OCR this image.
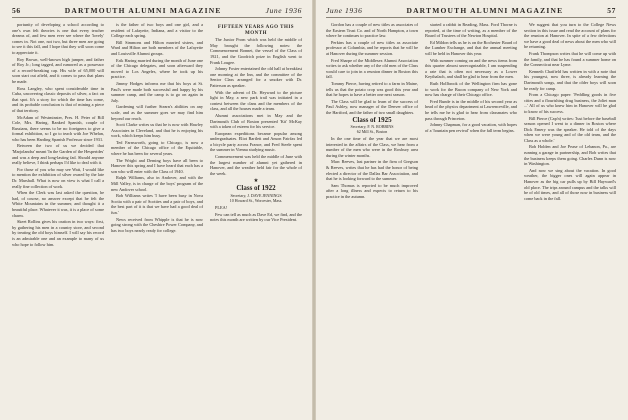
56	DARTMOUTH ALUMNI MAGAZINE	June 1936

portunity of developing a school according to one's own felt theories is one that every teacher dreams of, and few men ever see where the 'lovely' comes in. Not one, not two, but three men are going to see it this fall, and I hope that they will soon come to appreciate it.

Roy Brown, well-known high jumper, and father of Roy Jr.; long tagged, and rumored as a possessor of a record-breaking cap. His wife of 65,000 will soon start out afield, and it comes to pass that plans be made.

Ross Langley, who spent considerable time in Cuba, uncovering classic deposits of silver, a fact on that spot. It's a story for which the time has come, and its probable conclusion is that of mining a piece of that territory.

McAdam of Westminster, Pres. H. Peter of Bill Cole, Mrs. Haring, Ranked Spanish, couple of Russians, there seems to be no foreigners to give a formal exhibition, so I go to teach with Joe Whelan, who has been Harding Spanish Professor since 1931.

Between the two of us we decided that 'Marjolandra' meant 'In the Garden of the Hesperides' and was a deep and long-lasting fad. Should anyone really believe, I think perhaps I'd like to deal with it.

For those of you who may see Watt, I would like to mention the exhibition of silver owned by the late Dr. Marshall. What is now on view is what I call a really fine collection of work.

When the Clerk was last asked the question, he had, of course, no answer except that he felt the White Mountains in the summer, and thought it a beautiful place. Whatever it was, it is a place of some charm.

Skeet Rollins gives his oration in two ways: first, by gathering his men in a country store, and second by treating the old boys himself. I will say his record is an admirable one and an example to many of us who hope to follow him.

is the father of two boys and one girl, and a resident of Lafayette, Indiana, and a visitor to the College each spring.

Bill Simmons and Hilton married sisters, and Ward and Hilton are both members of the Lafayette and Louisville Alumni groups.

Erik Haring married during the month of June one of the Chicago delegates, and soon afterward they moved to Los Angeles, where he took up his practice.

Jimmy Hodges informs me that his boys at St. Paul's were made both successful and happy by his summer camp, and the camp is to go on again in July.

Gardening will further Stearn's abilities on any scale, and as the summer goes we may find him beyond our reach.

Scott Clarke writes us that he is now with Hawley Associates in Cleveland, and that he is enjoying his work, which keeps him busy.

Ted Farnsworth, going to Chicago, is now a member of the Chicago office of the Equitable, where he has been for several years.

The Wright and Deming boys have all been to Hanover this spring and I have heard that each has a son who will enter with the Class of 1940.

Ralph Williams, also in Andover, and with the Mill Valley, is in charge of the boys' program of the new Andover school.

Bob Williams writes 'I have been busy in Nova Scotia with a pair of Scotties and a pair of boys, and the best part of it is that we have had a good deal of fun.'

News received from Whipple is that he is now going strong with the Cheshire Power Company, and has two boys nearly ready for college.

FIFTEEN YEARS AGO THIS MONTH

The Junior Prom which was held the middle of May brought the following notes: the Commencement Bonnet, the vessel of the Class of 1921, and the Goodrich prize in English went to Frank Lougee.

Johnny Foster entertained the old hall at breakfast one morning at the Inn, and the committee of the Senior Class arranged for a smoker with Dr. Patterson as speaker.

With the advent of Dr. Heyward to the picture light in May, a new park trail was initiated in a contest between the clans and the members of the class, and all the houses made a team.

Alumni associations met in May and the Dartmouth Club of Boston presented 'Kit' McKay with a token of esteem for his service.

European expeditions became popular among undergraduates. Eliot Bartlett and Anson Fairfax led a bicycle party across France, and Fred Steele spent the summer in Vienna studying music.

Commencement was held the middle of June with the largest number of alumni yet gathered in Hanover, and the weather held fair for the whole of the week.

★
Class of 1922
Secretary, J. DAVE JENNINGS
10 Howard St., Worcester, Mass.

PLEA!

Few can tell as much as Dave Ed, we find, and the notes this month are written by our Vice President.

June 1936	DARTMOUTH ALUMNI MAGAZINE	57

Gordon has a couple of new titles as associates of the Eastern Trust Co. and of North Hampton, a town where he continues to practice law.

Perkins has a couple of new titles as associate professor at Columbia, and he reports that he will be at Hanover during the summer session.

Fred Sharpe of the Middlesex Alumni Association writes to ask whether any of the old men of the Class would care to join in a reunion dinner in Boston this fall.

Tommy Pierce, having retired to a farm in Maine, tells us that the potato crop was good this year and that he hopes to have a better one next season.

The Class will be glad to learn of the success of Paul Ashley, now manager of the Denver office of the Hartford, and the father of two small daughters.

Class of 1925
Secretary, F. N. ROBBINS
62 Mill St., Boston

In the one time of the year that we are most interested in the affairs of the Class, we hear from a number of the men who were in the Roxbury area during the winter months.

Marc Reeves, last partner in the firm of Gregson & Reeves, writes that he has had the honor of being elected a director of the Dallas Bar Association, and that he is looking forward to the summer.

Sam Thomas is reported to be much improved after a long illness and expects to return to his practice in the autumn.

started a rabbit in Reading, Mass. Ford Thorne is reported, at the time of writing, as a member of the Board of Trustees of the Newton Hospital.

Ed Mildon tells us he is on the Rochester Board of the Lumber Exchange, and that the annual meeting will be held in Hanover this year.

With summer coming on and the news items from this quarter almost unrecognizable, I am suspending a rate that is often not necessary as a Lower Keythalach, and shall be glad to hear from the men.

Ruth Hollbrook of the Wellington firm has gone to work for the Bacon company of New York and now has charge of their Chicago office.

Fred Bunde is in the middle of his second year as head of the physics department at Lawrenceville, and he tells me he is glad to hear from classmates who pass through Princeton.

Johnny Chapman, for a good vacation, with hopes of a 'fountain pen revival' when the fall term begins.

We suggest that you turn to the College News section in this issue and read the account of plans for the reunion at Hanover. In spite of a few defections we have a good deal of news about the men who will be returning.

Frank Thompson writes that he will come up with the family, and that he has found a summer home on the Connecticut near Lyme.

Kenneth Chatfield has written in with a note that his youngest, now three, is already learning the Dartmouth songs, and that the older boys will soon be ready for camp.

From a Chicago paper: 'Peddling goods in five cities and a flourishing drug business, the Joliet man ...' All of us who knew him in Hanover will be glad to know of his success.

Bill Pierce (Cap'n) writes: 'Just before the baseball season opened I went to a dinner in Boston where Dick Emery was the speaker. He told of the days when we were young and of the old team, and the Class as a whole.'

Bob Holden and Joe Pease of Lebanon, Pa., are running a garage in partnership, and Bob writes that the business keeps them going. Charles Dunn is now in Washington.

And now we sing about the vacation. In good weather, the bigger ones will again appear in Hanover as the big car pulls up by Bill Hayward's old place. The trips around campus and the talks will be of old times, and all of those now in business will come back in the fall.
